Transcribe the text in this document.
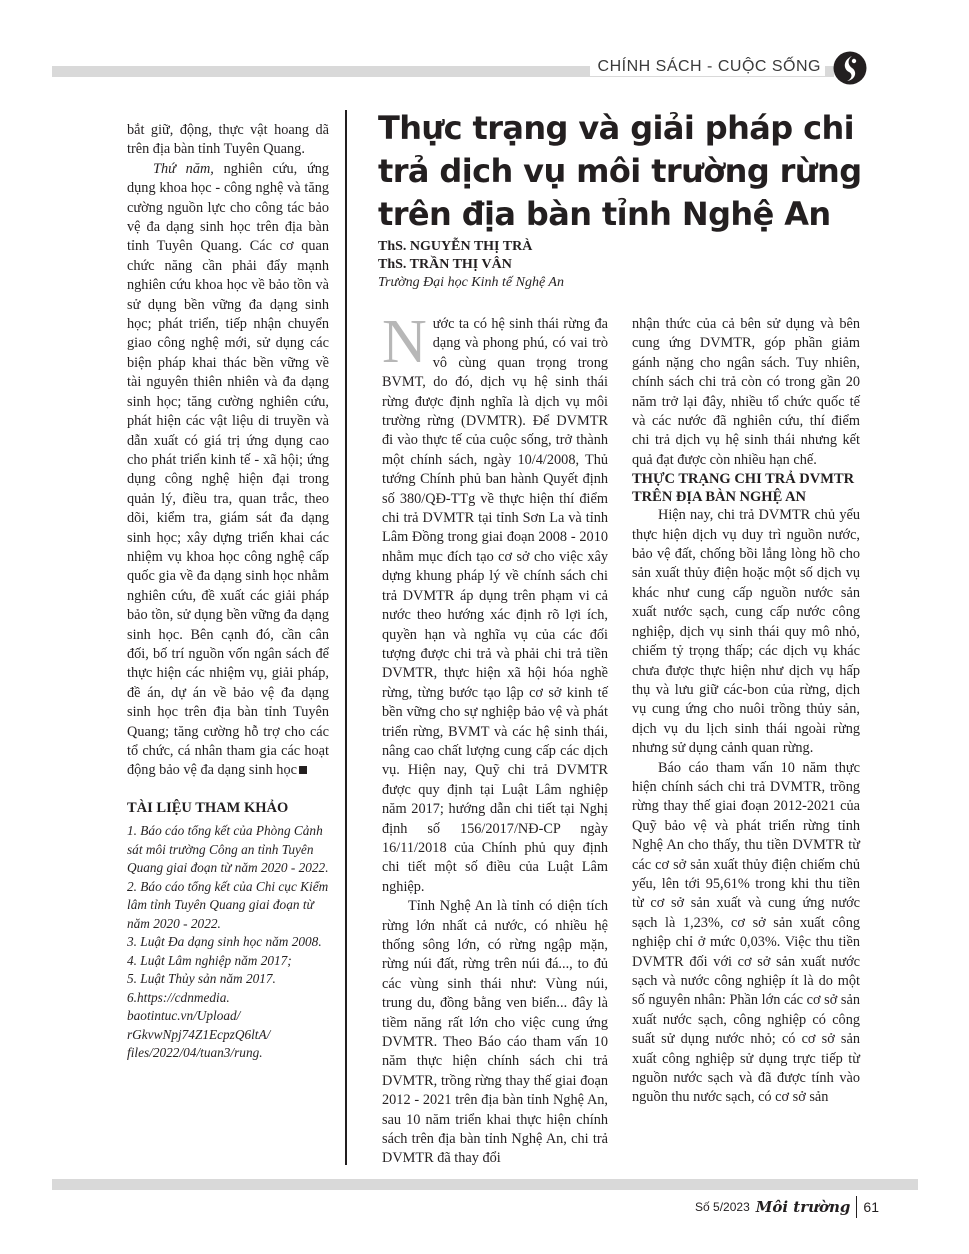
CHÍNH SÁCH - CUỘC SỐNG

bắt giữ, động, thực vật hoang dã trên địa bàn tỉnh Tuyên Quang.

Thứ năm, nghiên cứu, ứng dụng khoa học - công nghệ và tăng cường nguồn lực cho công tác bảo vệ đa dạng sinh học trên địa bàn tỉnh Tuyên Quang. Các cơ quan chức năng cần phải đẩy mạnh nghiên cứu khoa học về bảo tồn và sử dụng bền vững đa dạng sinh học; phát triển, tiếp nhận chuyển giao công nghệ mới, sử dụng các biện pháp khai thác bền vững về tài nguyên thiên nhiên và đa dạng sinh học; tăng cường nghiên cứu, phát hiện các vật liệu di truyền và dẫn xuất có giá trị ứng dụng cao cho phát triển kinh tế - xã hội; ứng dụng công nghệ hiện đại trong quản lý, điều tra, quan trắc, theo dõi, kiểm tra, giám sát đa dạng sinh học; xây dựng triển khai các nhiệm vụ khoa học công nghệ cấp quốc gia về đa dạng sinh học nhằm nghiên cứu, đề xuất các giải pháp bảo tồn, sử dụng bền vững đa dạng sinh học. Bên cạnh đó, cần cân đối, bố trí nguồn vốn ngân sách để thực hiện các nhiệm vụ, giải pháp, đề án, dự án về bảo vệ đa dạng sinh học trên địa bàn tỉnh Tuyên Quang; tăng cường hỗ trợ cho các tổ chức, cá nhân tham gia các hoạt động bảo vệ đa dạng sinh học

TÀI LIỆU THAM KHẢO

1. Báo cáo tổng kết của Phòng Cảnh sát môi trường Công an tỉnh Tuyên Quang giai đoạn từ năm 2020 - 2022.

2. Báo cáo tổng kết của Chi cục Kiểm lâm tỉnh Tuyên Quang giai đoạn từ năm 2020 - 2022.

3. Luật Đa dạng sinh học năm 2008.

4. Luật Lâm nghiệp năm 2017;

5. Luật Thủy sản năm 2017.

6.https://cdnmedia. baotintuc.vn/Upload/ rGkvwNpj74Z1EcpzQ6ltA/ files/2022/04/tuan3/rung.

Thực trạng và giải pháp chi trả dịch vụ môi trường rừng trên địa bàn tỉnh Nghệ An
ThS. NGUYỄN THỊ TRÀ
ThS. TRẦN THỊ VÂN
Trường Đại học Kinh tế Nghệ An

Nước ta có hệ sinh thái rừng đa dạng và phong phú, có vai trò vô cùng quan trọng trong BVMT, do đó, dịch vụ hệ sinh thái rừng được định nghĩa là dịch vụ môi trường rừng (DVMTR). Để DVMTR đi vào thực tế của cuộc sống, trở thành một chính sách, ngày 10/4/2008, Thủ tướng Chính phủ ban hành Quyết định số 380/QĐ-TTg về thực hiện thí điểm chi trả DVMTR tại tỉnh Sơn La và tỉnh Lâm Đồng trong giai đoạn 2008 - 2010 nhằm mục đích tạo cơ sở cho việc xây dựng khung pháp lý về chính sách chi trả DVMTR áp dụng trên phạm vi cả nước theo hướng xác định rõ lợi ích, quyền hạn và nghĩa vụ của các đối tượng được chi trả và phải chi trả tiền DVMTR, thực hiện xã hội hóa nghề rừng, từng bước tạo lập cơ sở kinh tế bền vững cho sự nghiệp bảo vệ và phát triển rừng, BVMT và các hệ sinh thái, nâng cao chất lượng cung cấp các dịch vụ. Hiện nay, Quỹ chi trả DVMTR được quy định tại Luật Lâm nghiệp năm 2017; hướng dẫn chi tiết tại Nghị định số 156/2017/NĐ-CP ngày 16/11/2018 của Chính phủ quy định chi tiết một số điều của Luật Lâm nghiệp.

Tỉnh Nghệ An là tỉnh có diện tích rừng lớn nhất cả nước, có nhiều hệ thống sông lớn, có rừng ngập mặn, rừng núi đất, rừng trên núi đá..., to đủ các vùng sinh thái như: Vùng núi, trung du, đồng bằng ven biển... đây là tiềm năng rất lớn cho việc cung ứng DVMTR. Theo Báo cáo tham vấn 10 năm thực hiện chính sách chi trả DVMTR, trồng rừng thay thế giai đoạn 2012 - 2021 trên địa bàn tỉnh Nghệ An, sau 10 năm triển khai thực hiện chính sách trên địa bàn tỉnh Nghệ An, chi trả DVMTR đã thay đổi

nhận thức của cả bên sử dụng và bên cung ứng DVMTR, góp phần giảm gánh nặng cho ngân sách. Tuy nhiên, chính sách chi trả còn có trong gần 20 năm trở lại đây, nhiều tổ chức quốc tế và các nước đã nghiên cứu, thí điểm chi trả dịch vụ hệ sinh thái nhưng kết quả đạt được còn nhiều hạn chế.

THỰC TRẠNG CHI TRẢ DVMTR TRÊN ĐỊA BÀN NGHỆ AN

Hiện nay, chi trả DVMTR chủ yếu thực hiện dịch vụ duy trì nguồn nước, bảo vệ đất, chống bồi lắng lòng hồ cho sản xuất thủy điện hoặc một số dịch vụ khác như cung cấp nguồn nước sản xuất nước sạch, cung cấp nước công nghiệp, dịch vụ sinh thái quy mô nhỏ, chiếm tỷ trọng thấp; các dịch vụ khác chưa được thực hiện như dịch vụ hấp thụ và lưu giữ các-bon của rừng, dịch vụ cung ứng cho nuôi trồng thủy sản, dịch vụ du lịch sinh thái ngoài rừng nhưng sử dụng cảnh quan rừng.

Báo cáo tham vấn 10 năm thực hiện chính sách chi trả DVMTR, trồng rừng thay thế giai đoạn 2012-2021 của Quỹ bảo vệ và phát triển rừng tỉnh Nghệ An cho thấy, thu tiền DVMTR từ các cơ sở sản xuất thủy điện chiếm chủ yếu, lên tới 95,61% trong khi thu tiền từ cơ sở sản xuất và cung ứng nước sạch là 1,23%, cơ sở sản xuất công nghiệp chỉ ở mức 0,03%. Việc thu tiền DVMTR đối với cơ sở sản xuất nước sạch và nước công nghiệp ít là do một số nguyên nhân: Phần lớn các cơ sở sản xuất nước sạch, công nghiệp có công suất sử dụng nước nhỏ; có cơ sở sản xuất công nghiệp sử dụng trực tiếp từ nguồn nước sạch và đã được tính vào nguồn thu nước sạch, có cơ sở sản

Số 5/2023 Môi trường 61
